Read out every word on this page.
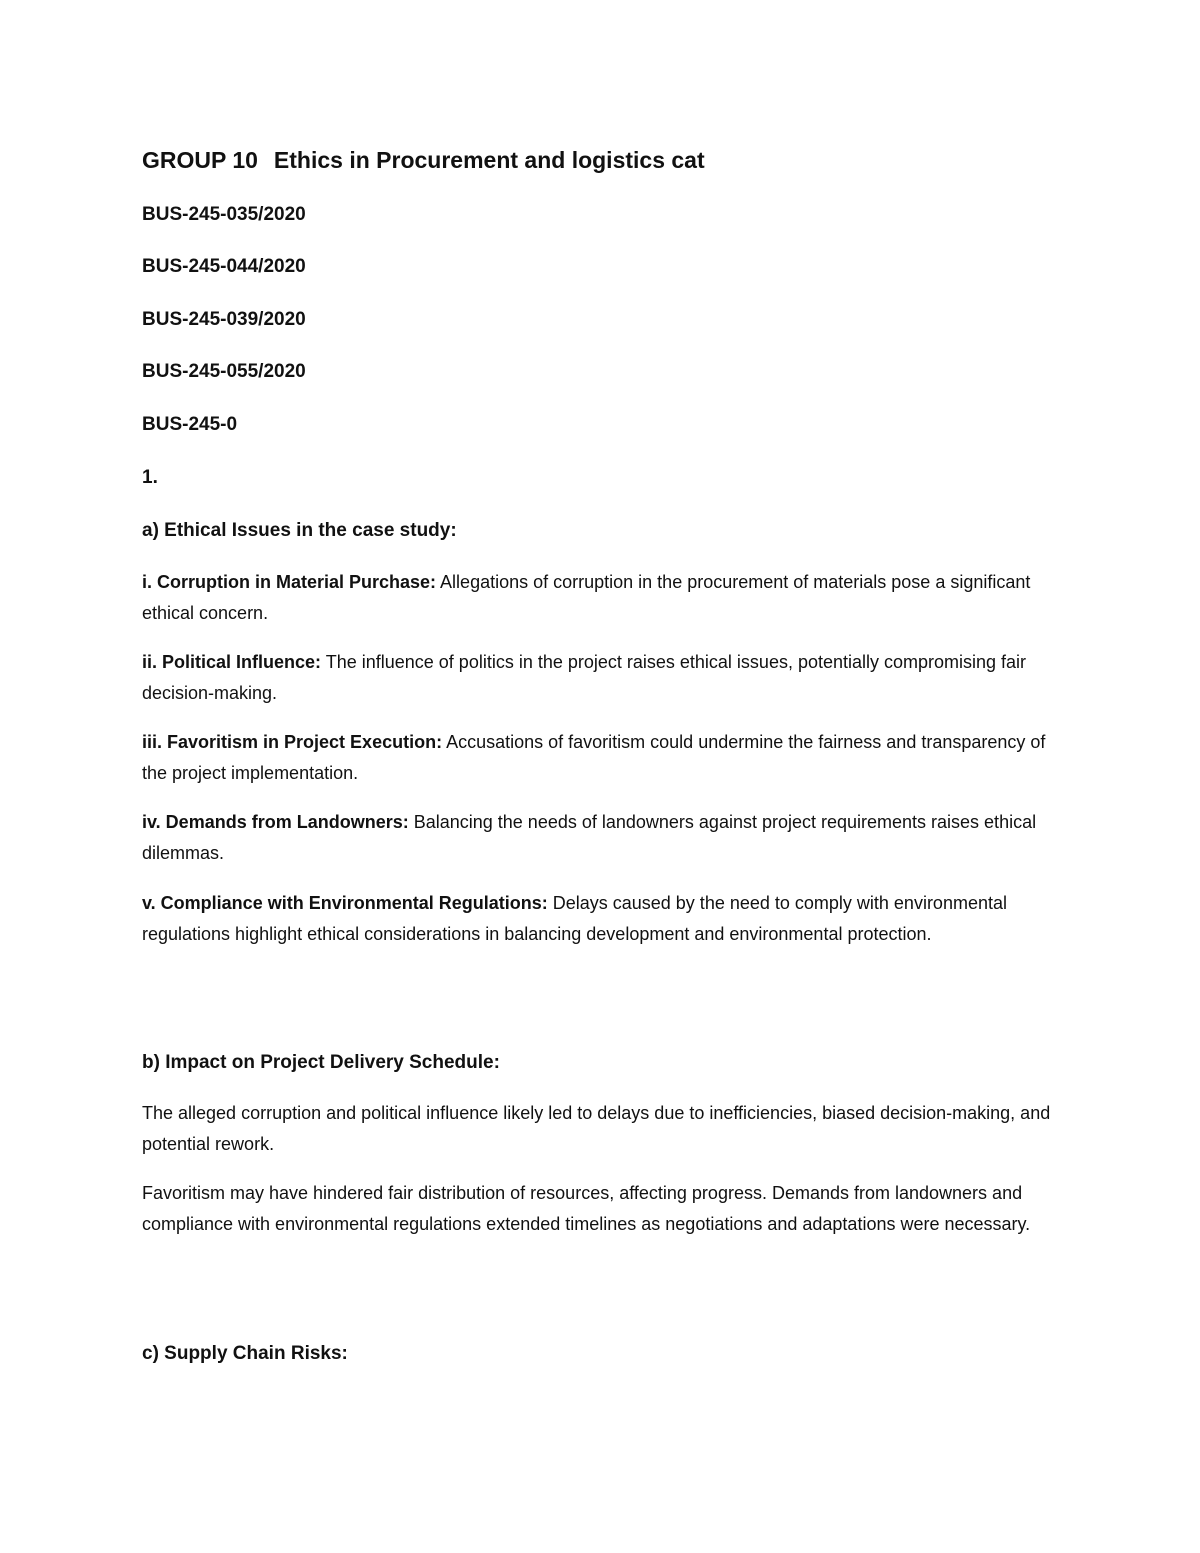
GROUP 10 Ethics in Procurement and logistics cat
BUS-245-035/2020
BUS-245-044/2020
BUS-245-039/2020
BUS-245-055/2020
BUS-245-0
1.
a) Ethical Issues in the case study:
i. Corruption in Material Purchase: Allegations of corruption in the procurement of materials pose a significant ethical concern.
ii. Political Influence: The influence of politics in the project raises ethical issues, potentially compromising fair decision-making.
iii. Favoritism in Project Execution: Accusations of favoritism could undermine the fairness and transparency of the project implementation.
iv. Demands from Landowners: Balancing the needs of landowners against project requirements raises ethical dilemmas.
v. Compliance with Environmental Regulations: Delays caused by the need to comply with environmental regulations highlight ethical considerations in balancing development and environmental protection.
b) Impact on Project Delivery Schedule:
The alleged corruption and political influence likely led to delays due to inefficiencies, biased decision-making, and potential rework.
Favoritism may have hindered fair distribution of resources, affecting progress. Demands from landowners and compliance with environmental regulations extended timelines as negotiations and adaptations were necessary.
c) Supply Chain Risks:
